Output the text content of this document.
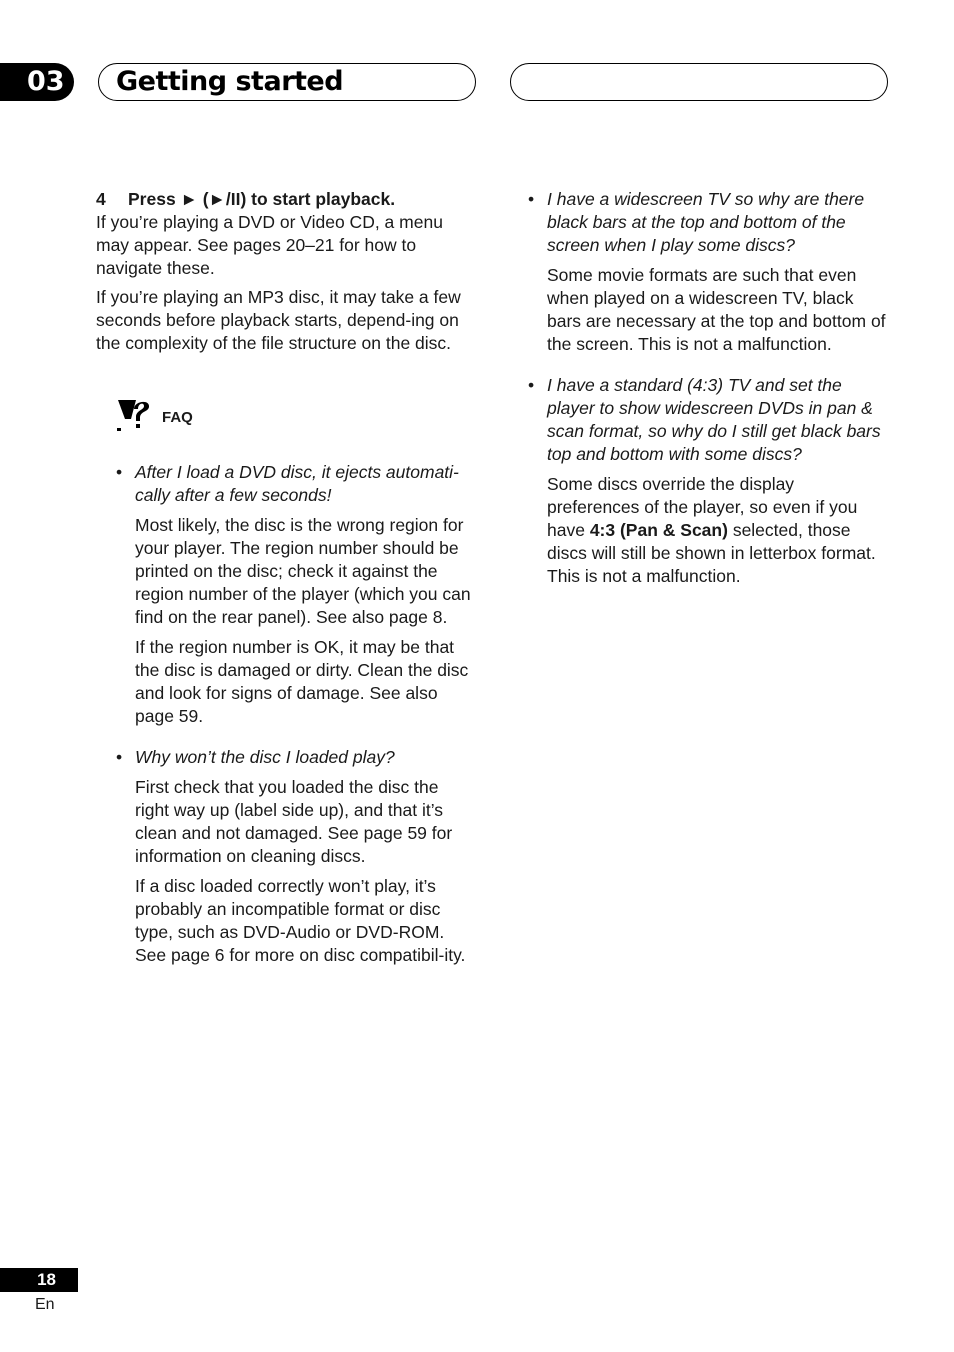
03	Getting started

4 Press ► (►/II) to start playback.

If you’re playing a DVD or Video CD, a menu may appear. See pages 20–21 for how to navigate these.

If you’re playing an MP3 disc, it may take a few seconds before playback starts, depend-ing on the complexity of the file structure on the disc.

FAQ
• After I load a DVD disc, it ejects automati-cally after a few seconds!

Most likely, the disc is the wrong region for your player. The region number should be printed on the disc; check it against the region number of the player (which you can find on the rear panel). See also page 8.

If the region number is OK, it may be that the disc is damaged or dirty. Clean the disc and look for signs of damage. See also page 59.

• Why won’t the disc I loaded play?

First check that you loaded the disc the right way up (label side up), and that it’s clean and not damaged. See page 59 for information on cleaning discs.

If a disc loaded correctly won’t play, it’s probably an incompatible format or disc type, such as DVD-Audio or DVD-ROM. See page 6 for more on disc compatibil-ity.

• I have a widescreen TV so why are there black bars at the top and bottom of the screen when I play some discs?

Some movie formats are such that even when played on a widescreen TV, black bars are necessary at the top and bottom of the screen. This is not a malfunction.

• I have a standard (4:3) TV and set the player to show widescreen DVDs in pan & scan format, so why do I still get black bars top and bottom with some discs?

Some discs override the display preferences of the player, so even if you have 4:3 (Pan & Scan) selected, those discs will still be shown in letterbox format. This is not a malfunction.

18
En
